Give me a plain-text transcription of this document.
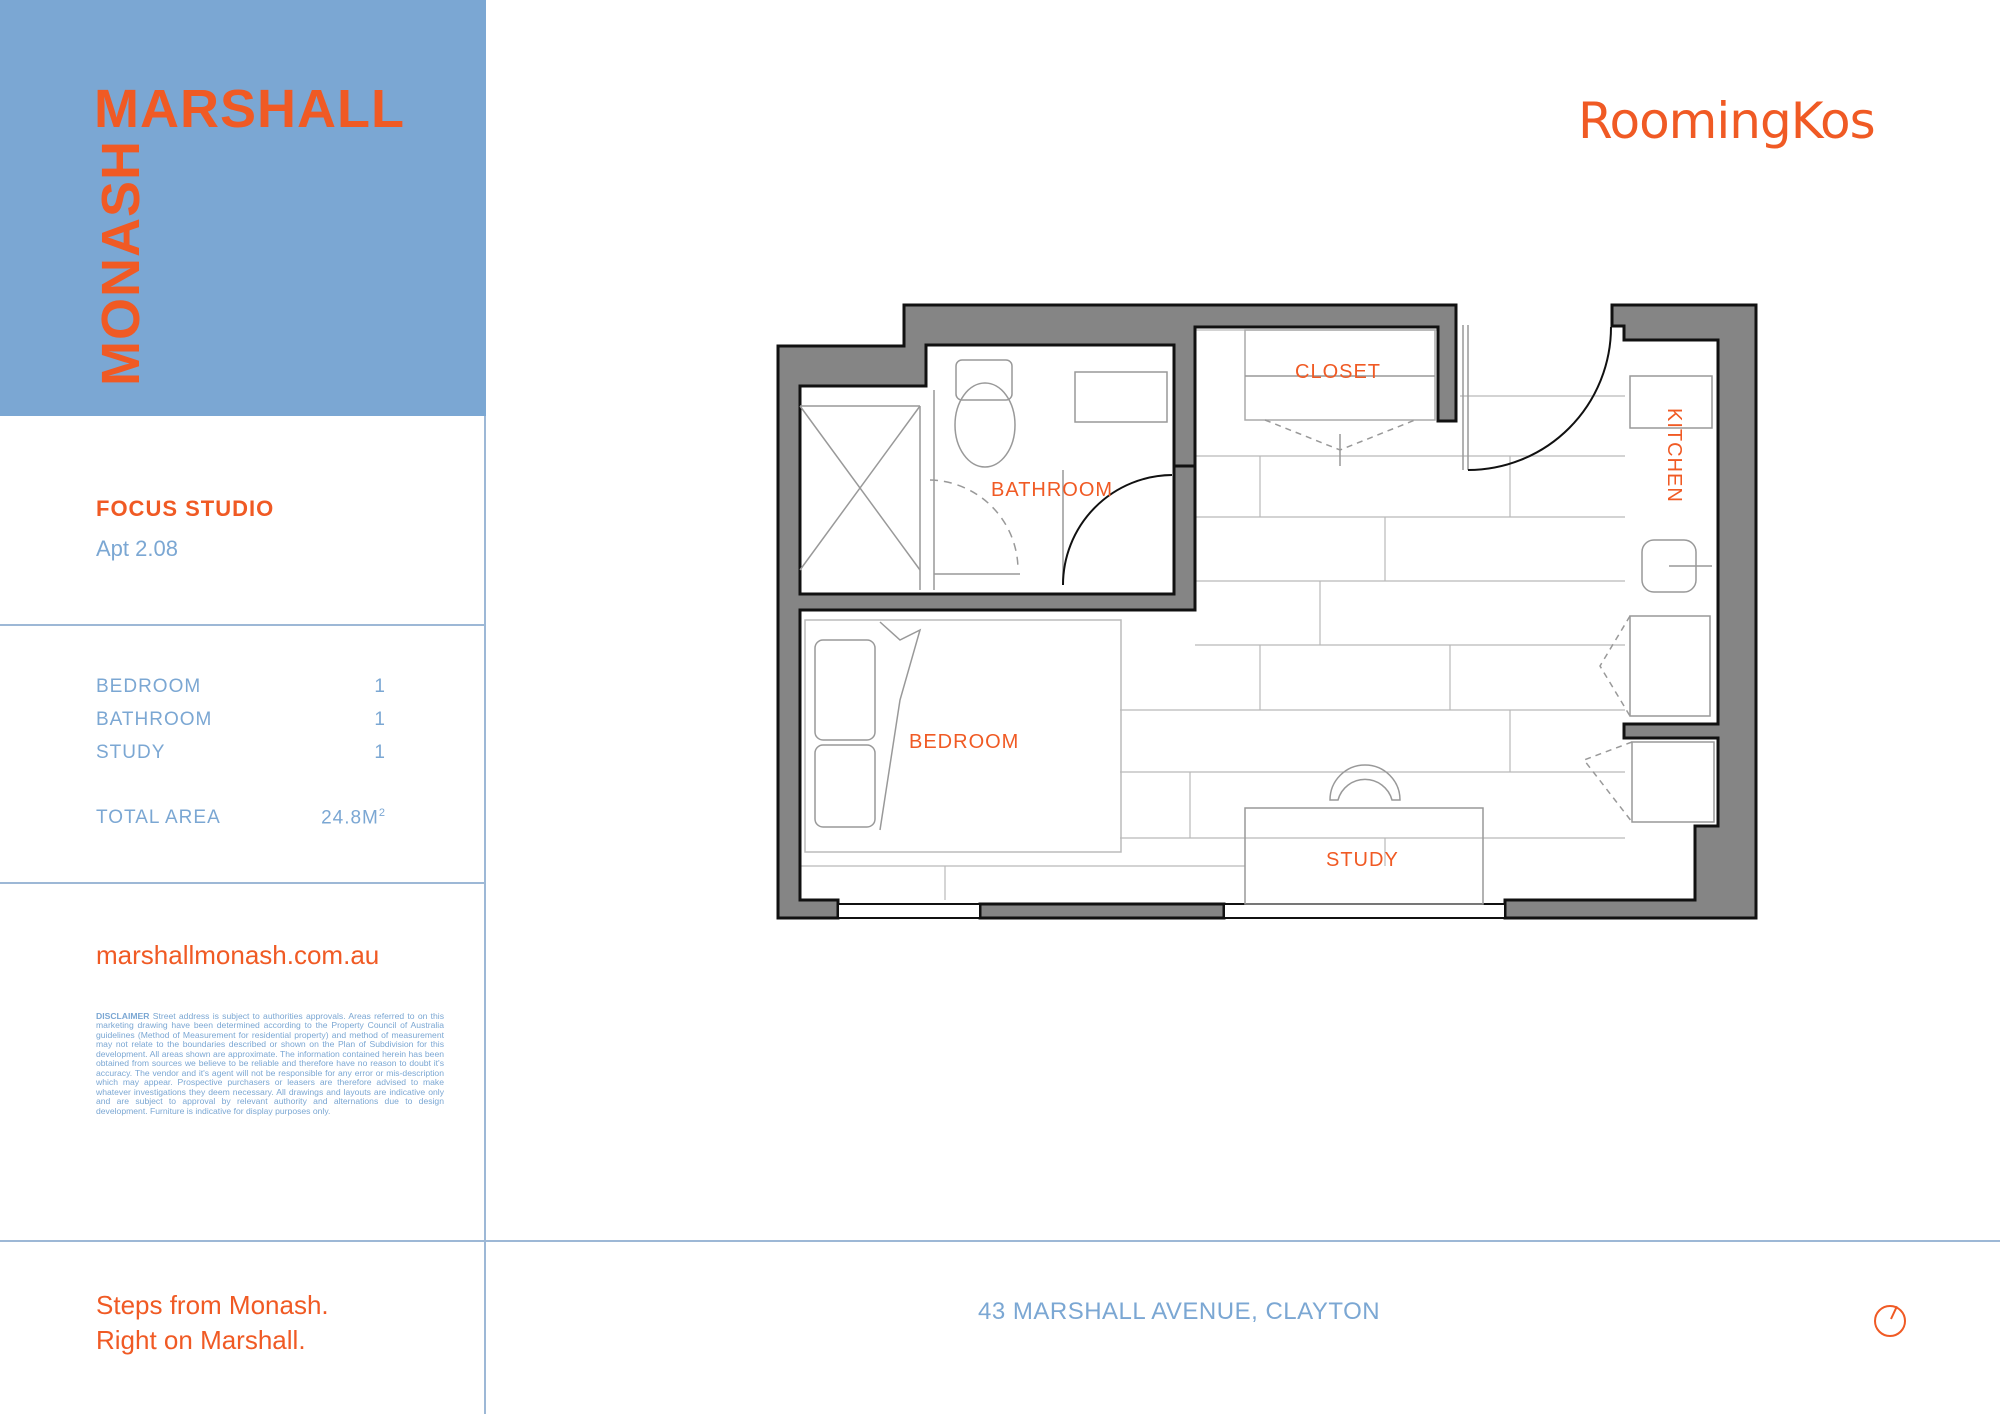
MARSHALL
MONASH
FOCUS STUDIO
Apt 2.08
BEDROOM	1
BATHROOM	1
STUDY	1
TOTAL AREA	$24.8M^2$
marshallmonash.com.au
DISCLAIMER Street address is subject to authorities approvals. Areas referred to on this marketing drawing have been determined according to the Property Council of Australia guidelines (Method of Measurement for residential property) and method of measurement may not relate to the boundaries described or shown on the Plan of Subdivision for this development. All areas shown are approximate. The information contained herein has been obtained from sources we believe to be reliable and therefore have no reason to doubt it's accuracy. The vendor and it's agent will not be responsible for any error or mis-description which may appear. Prospective purchasers or leasers are therefore advised to make whatever investigations they deem necessary. All drawings and layouts are indicative only and are subject to approval by relevant authority and alternations due to design development. Furniture is indicative for display purposes only.
Steps from Monash.
Right on Marshall.
RoomingKos
43 MARSHALL AVENUE, CLAYTON
CLOSET
BATHROOM	KITCHEN
BEDROOM
STUDY
